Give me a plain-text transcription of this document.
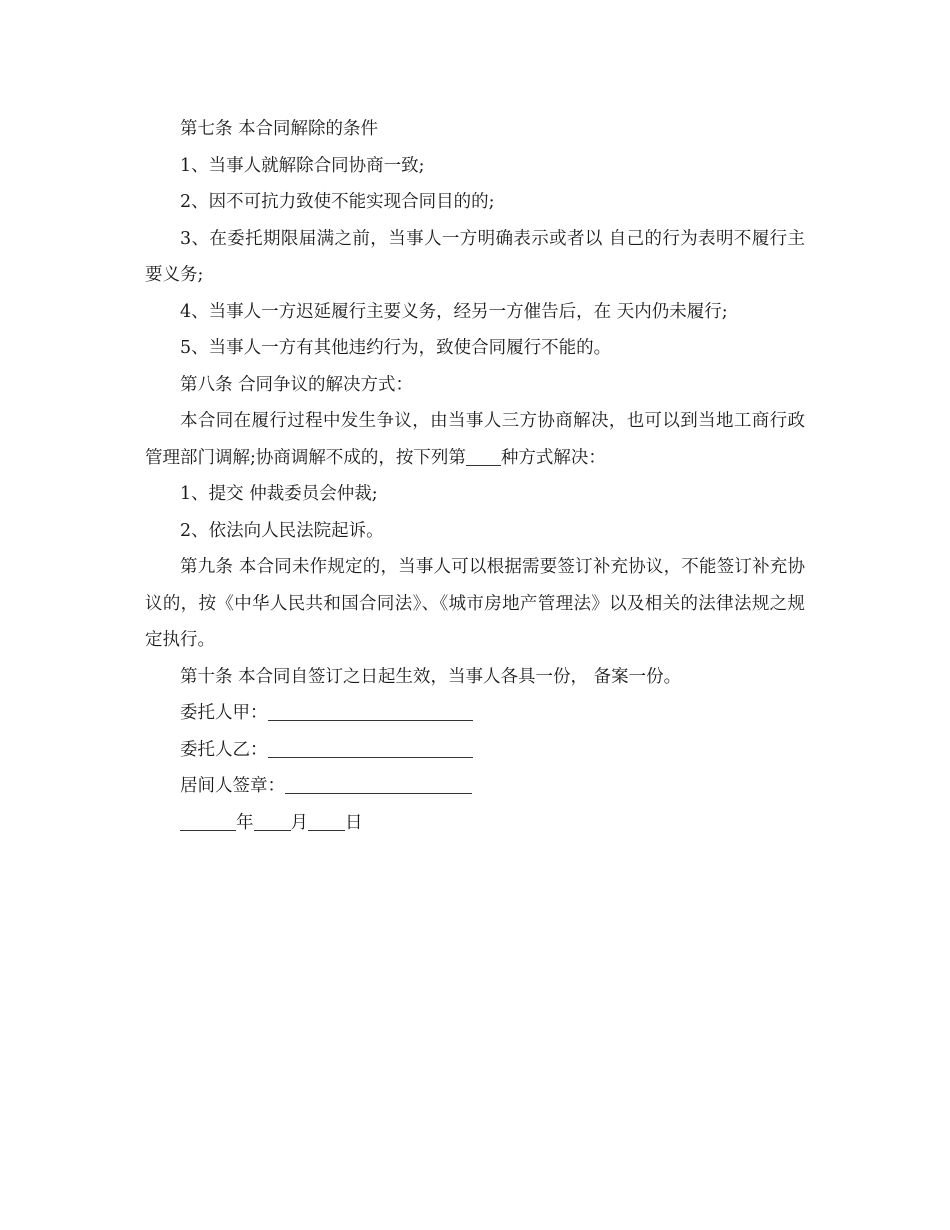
第七条 本合同解除的条件

1、当事人就解除合同协商一致;

2、因不可抗力致使不能实现合同目的的;

3、在委托期限届满之前，当事人一方明确表示或者以 自己的行为表明不履行主要义务;

4、当事人一方迟延履行主要义务，经另一方催告后，在 天内仍未履行;

5、当事人一方有其他违约行为，致使合同履行不能的。

第八条 合同争议的解决方式：

本合同在履行过程中发生争议，由当事人三方协商解决，也可以到当地工商行政管理部门调解;协商调解不成的，按下列第 种方式解决：

1、提交 仲裁委员会仲裁;

2、依法向人民法院起诉。

第九条 本合同未作规定的，当事人可以根据需要签订补充协议，不能签订补充协议的，按《中华人民共和国合同法》、《城市房地产管理法》以及相关的法律法规之规定执行。

第十条 本合同自签订之日起生效，当事人各具一份， 备案一份。

委托人甲：

委托人乙：

居间人签章：

年 月 日
